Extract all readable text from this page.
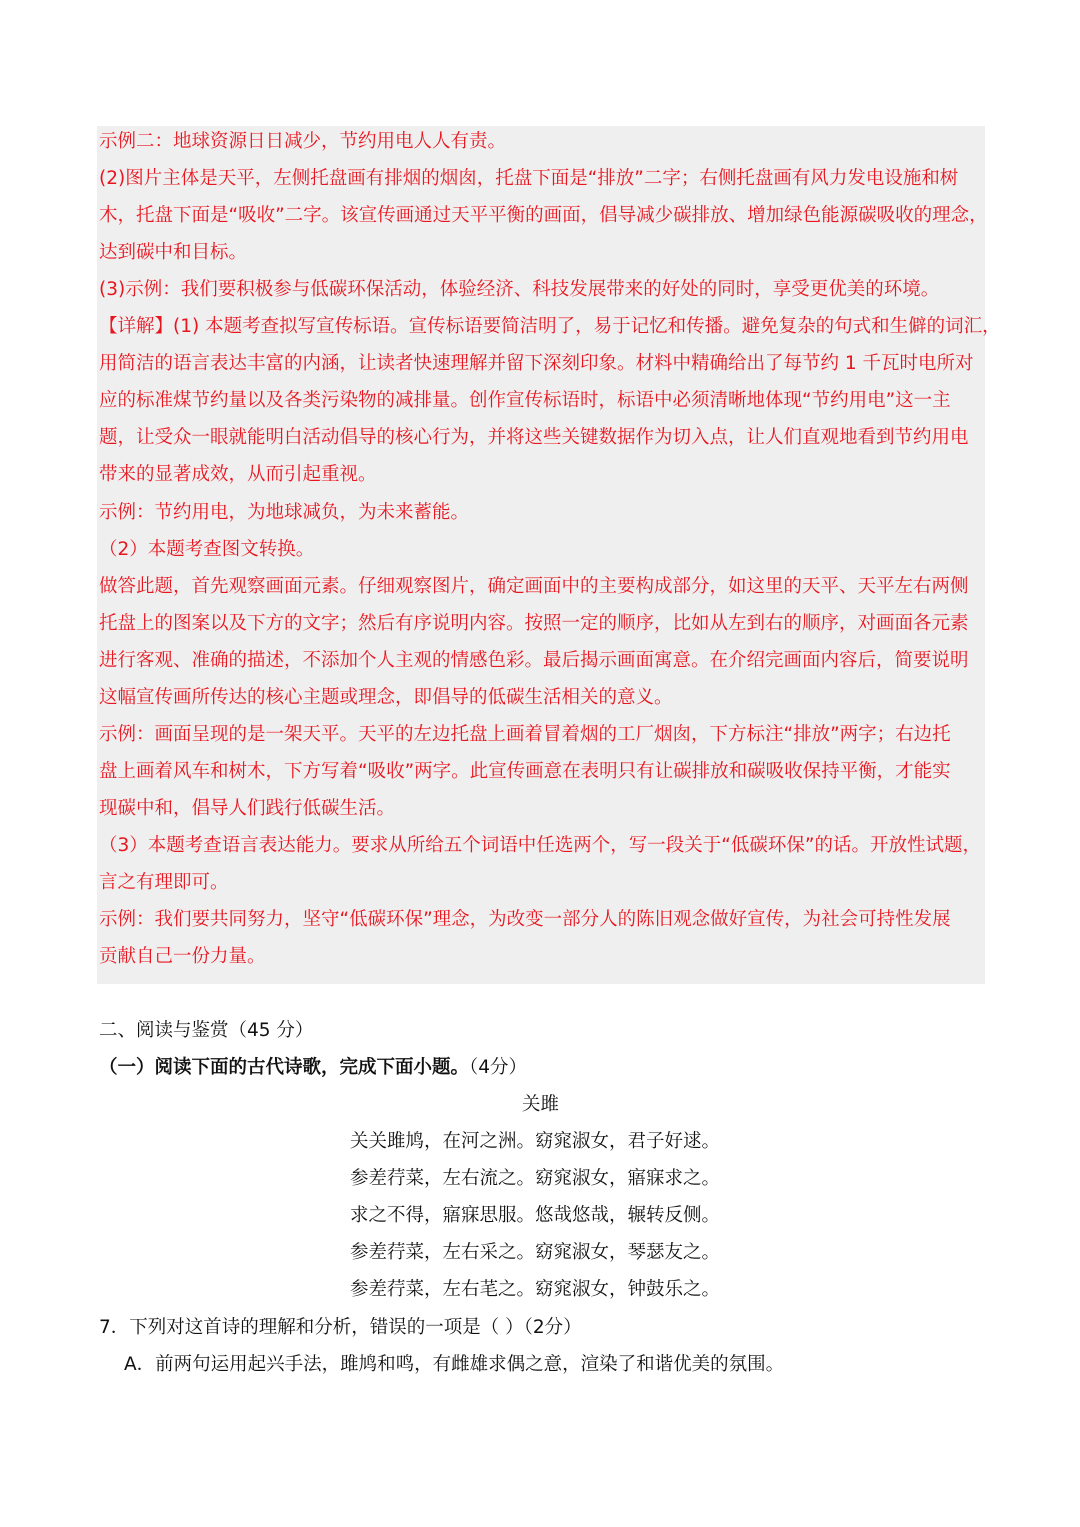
示例二：地球资源日日减少，节约用电人人有责。
(2)图片主体是天平，左侧托盘画有排烟的烟囱，托盘下面是“排放”二字；右侧托盘画有风力发电设施和树
木，托盘下面是“吸收”二字。该宣传画通过天平平衡的画面，倡导减少碳排放、增加绿色能源碳吸收的理念，
达到碳中和目标。
(3)示例：我们要积极参与低碳环保活动，体验经济、科技发展带来的好处的同时，享受更优美的环境。
【详解】(1) 本题考查拟写宣传标语。宣传标语要简洁明了，易于记忆和传播。避免复杂的句式和生僻的词汇，
用简洁的语言表达丰富的内涵，让读者快速理解并留下深刻印象。材料中精确给出了每节约 1 千瓦时电所对
应的标准煤节约量以及各类污染物的减排量。创作宣传标语时，标语中必须清晰地体现“节约用电”这一主
题，让受众一眼就能明白活动倡导的核心行为，并将这些关键数据作为切入点，让人们直观地看到节约用电
带来的显著成效，从而引起重视。
示例：节约用电，为地球减负，为未来蓄能。
（2）本题考查图文转换。
做答此题，首先观察画面元素。仔细观察图片，确定画面中的主要构成部分，如这里的天平、天平左右两侧
托盘上的图案以及下方的文字；然后有序说明内容。按照一定的顺序，比如从左到右的顺序，对画面各元素
进行客观、准确的描述，不添加个人主观的情感色彩。最后揭示画面寓意。在介绍完画面内容后，简要说明
这幅宣传画所传达的核心主题或理念，即倡导的低碳生活相关的意义。
示例：画面呈现的是一架天平。天平的左边托盘上画着冒着烟的工厂烟囱，下方标注“排放”两字；右边托
盘上画着风车和树木，下方写着“吸收”两字。此宣传画意在表明只有让碳排放和碳吸收保持平衡，才能实
现碳中和，倡导人们践行低碳生活。
（3）本题考查语言表达能力。要求从所给五个词语中任选两个，写一段关于“低碳环保”的话。开放性试题，
言之有理即可。
示例：我们要共同努力，坚守“低碳环保”理念，为改变一部分人的陈旧观念做好宣传，为社会可持性发展
贡献自己一份力量。
二、阅读与鉴赏（45 分）
（一）阅读下面的古代诗歌，完成下面小题。（4分）
关雎
关关雎鸠，在河之洲。窈窕淑女，君子好逑。
参差荇菜，左右流之。窈窕淑女，寤寐求之。
求之不得，寤寐思服。悠哉悠哉，辗转反侧。
参差荇菜，左右采之。窈窕淑女，琴瑟友之。
参差荇菜，左右芼之。窈窕淑女，钟鼓乐之。
7．下列对这首诗的理解和分析，错误的一项是（ ）（2分）
A．前两句运用起兴手法，雎鸠和鸣，有雌雄求偶之意，渲染了和谐优美的氛围。
